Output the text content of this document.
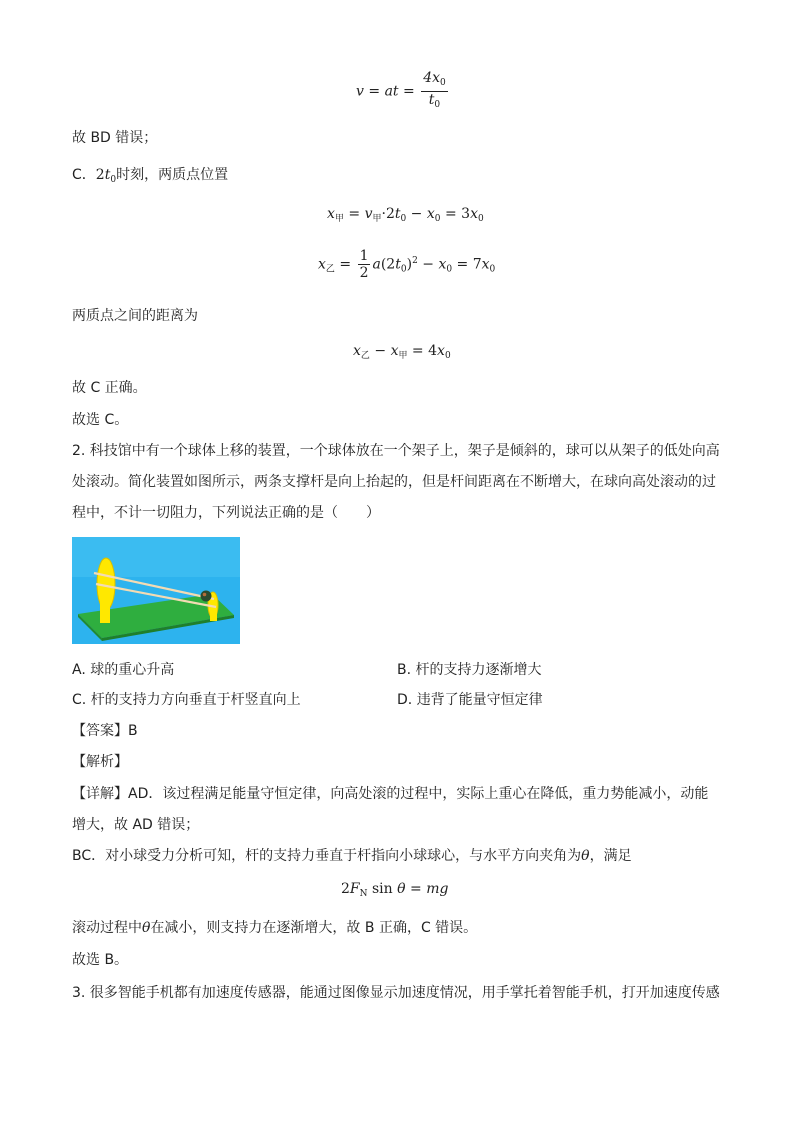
v = at = $\frac{4x_0}{t_0}$
故 BD 错误；
C．$2t_0$时刻，两质点位置
$x_甲 = v_甲\cdot 2t_0 - x_0 = 3x_0$
$x_乙 = \frac{1}{2} a(2t_0)^2 - x_0 = 7x_0$
两质点之间的距离为
$x_乙 - x_甲 = 4x_0$
故 C 正确。
故选 C。
2. 科技馆中有一个球体上移的装置，一个球体放在一个架子上，架子是倾斜的，球可以从架子的低处向高
处滚动。简化装置如图所示，两条支撑杆是向上抬起的，但是杆间距离在不断增大，在球向高处滚动的过
程中，不计一切阻力，下列说法正确的是（　　）
A. 球的重心升高	B. 杆的支持力逐渐增大
C. 杆的支持力方向垂直于杆竖直向上	D. 违背了能量守恒定律
【答案】B
【解析】
【详解】AD．该过程满足能量守恒定律，向高处滚的过程中，实际上重心在降低，重力势能减小，动能
增大，故 AD 错误；
BC．对小球受力分析可知，杆的支持力垂直于杆指向小球球心，与水平方向夹角为θ，满足
$2F_N$ sin θ = mg
滚动过程中θ在减小，则支持力在逐渐增大，故 B 正确，C 错误。
故选 B。
3. 很多智能手机都有加速度传感器，能通过图像显示加速度情况，用手掌托着智能手机，打开加速度传感
